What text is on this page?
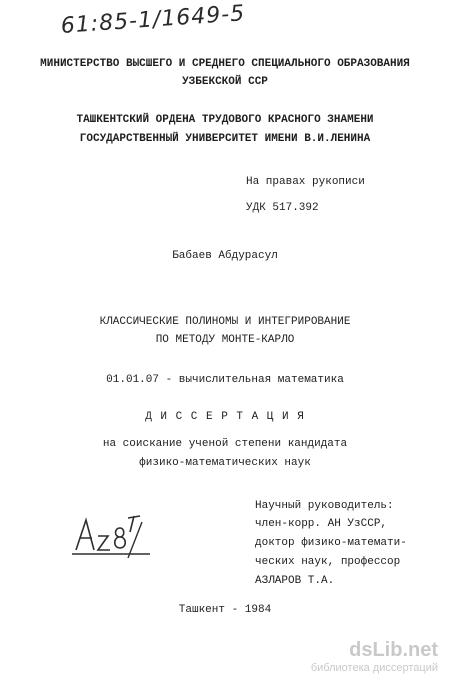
61:85-1/1649-5
МИНИСТЕРСТВО ВЫСШЕГО И СРЕДНЕГО СПЕЦИАЛЬНОГО ОБРАЗОВАНИЯ
УЗБЕКСКОЙ ССР
ТАШКЕНТСКИЙ ОРДЕНА ТРУДОВОГО КРАСНОГО ЗНАМЕНИ
ГОСУДАРСТВЕННЫЙ УНИВЕРСИТЕТ ИМЕНИ В.И.ЛЕНИНА
На правах рукописи
УДК 517.392
Бабаев Абдурасул
КЛАССИЧЕСКИЕ ПОЛИНОМЫ И ИНТЕГРИРОВАНИЕ
ПО МЕТОДУ МОНТЕ-КАРЛО
01.01.07 - вычислительная математика
Д И С С Е Р Т А Ц И Я
на соискание ученой степени кандидата
физико-математических наук
Научный руководитель:
член-корр. АН УзССР,
доктор физико-математи-
ческих наук, профессор
АЗЛАРОВ Т.А.
Ташкент - 1984
dsLib.net
библиотека диссертаций
